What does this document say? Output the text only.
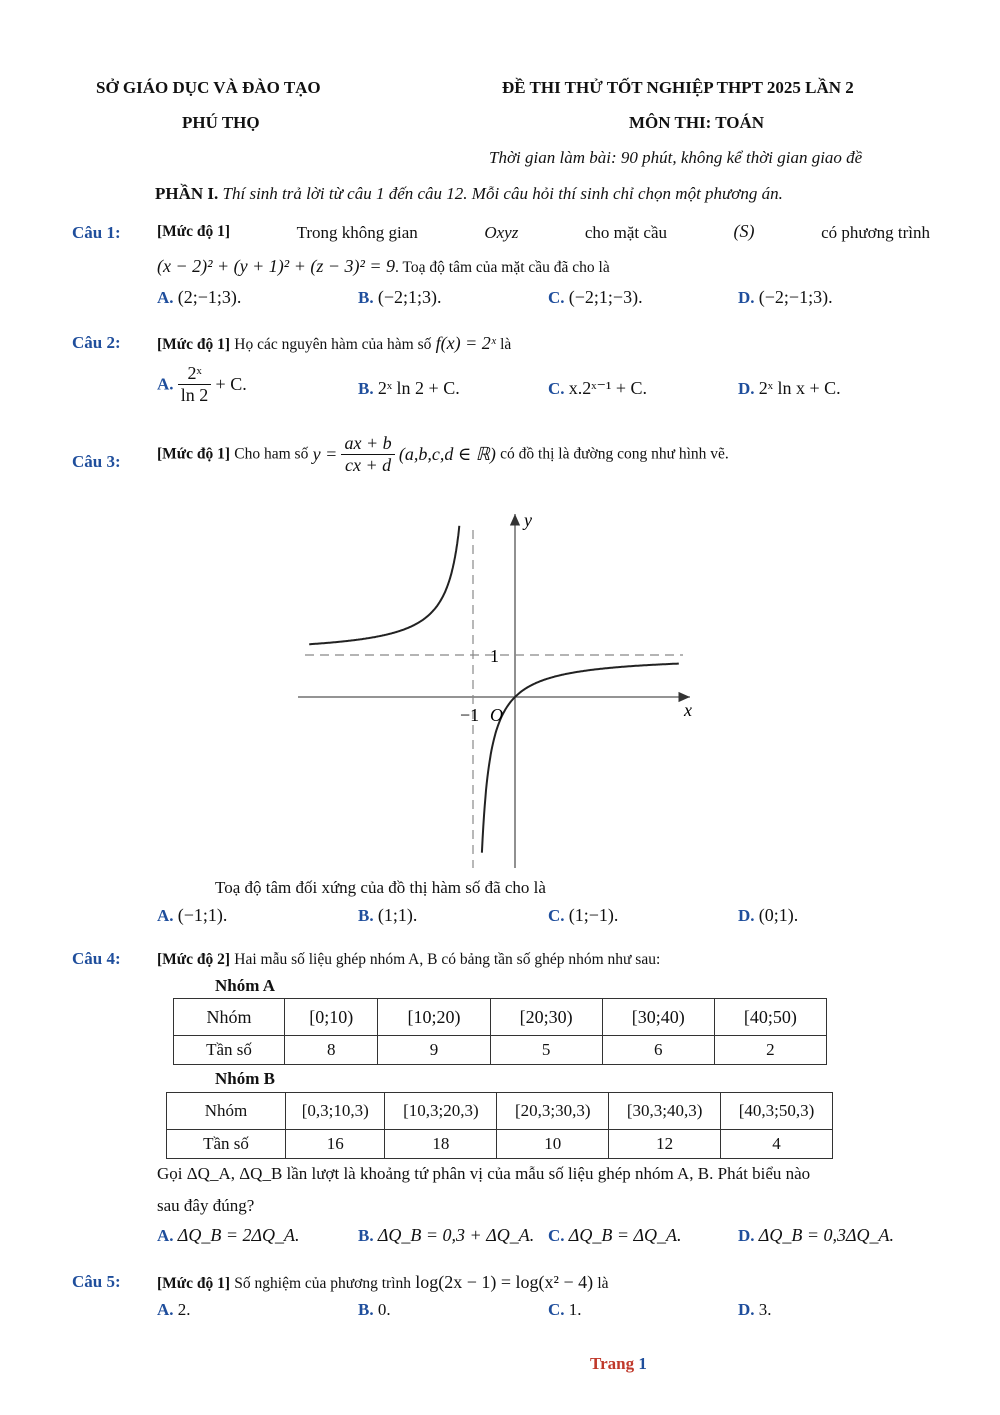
SỞ GIÁO DỤC VÀ ĐÀO TẠO
PHÚ THỌ
ĐỀ THI THỬ TỐT NGHIỆP THPT 2025 LẦN 2
MÔN THI: TOÁN
Thời gian làm bài: 90 phút, không kể thời gian giao đề
PHẦN I. Thí sinh trả lời từ câu 1 đến câu 12. Mỗi câu hỏi thí sinh chỉ chọn một phương án.
Câu 1: [Mức độ 1]	Trong không gian	Oxyz	cho mặt cầu	(S)	có phương trình
(x − 2)² + (y + 1)² + (z − 3)² = 9. Toạ độ tâm của mặt cầu đã cho là
A. (2;−1;3).	B. (−2;1;3).	C. (−2;1;−3).	D. (−2;−1;3).
Câu 2: [Mức độ 1] Họ các nguyên hàm của hàm số f(x) = 2ˣ là
A. $\frac{\text{2ˣ}}{\ln 2} + C$.	B. 2ˣ ln 2 + C.	C. x.2ˣ⁻¹ + C.	D. 2ˣ ln x + C.
Câu 3: [Mức độ 1] Cho ham số $y = \frac{ax + b}{cx + d} (a,b,c,d$ ∈ ℝ) có đồ thị là đường cong như hình vẽ.
y
x
1
−1 O
Toạ độ tâm đối xứng của đồ thị hàm số đã cho là
A. (−1;1).	B. (1;1).	C. (1;−1).	D. (0;1).
Câu 4: [Mức độ 2] Hai mẫu số liệu ghép nhóm A, B có bảng tần số ghép nhóm như sau:
Nhóm A
Nhóm	[0;10)	[10;20)	[20;30)	[30;40)	[40;50)
Tần số	8	9	5	6	2
Nhóm B
Nhóm	[0,3;10,3)	[10,3;20,3)	[20,3;30,3)	[30,3;40,3)	[40,3;50,3)
Tần số	16	18	10	12	4
Gọi ΔQ_A, ΔQ_B lần lượt là khoảng tứ phân vị của mẫu số liệu ghép nhóm A, B. Phát biểu nào
sau đây đúng?
A. ΔQ_B = 2ΔQ_A.	B. ΔQ_B = 0,3 + ΔQ_A. C. ΔQ_B = ΔQ_A.	D. ΔQ_B = 0,3ΔQ_A.
Câu 5: [Mức độ 1] Số nghiệm của phương trình log(2x − 1) = log(x² − 4) là
A. 2.	B. 0.	C. 1.	D. 3.
Trang 1
